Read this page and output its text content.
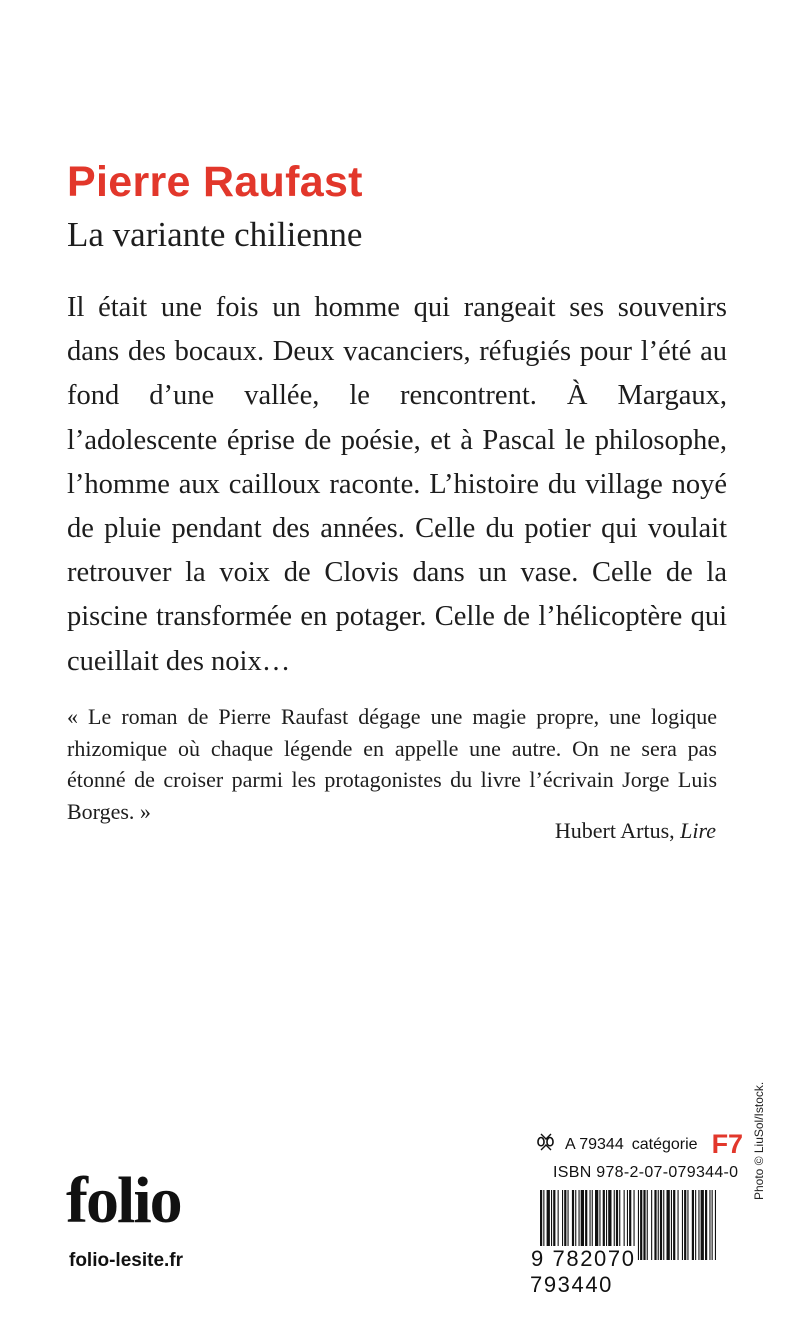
Pierre Raufast
La variante chilienne

Il était une fois un homme qui rangeait ses souvenirs dans des bocaux. Deux vacanciers, réfugiés pour l’été au fond d’une vallée, le rencontrent. À Margaux, l’adolescente éprise de poésie, et à Pascal le philosophe, l’homme aux cailloux raconte. L’histoire du village noyé de pluie pendant des années. Celle du potier qui voulait retrouver la voix de Clovis dans un vase. Celle de la piscine transformée en potager. Celle de l’hélicoptère qui cueillait des noix…

« Le roman de Pierre Raufast dégage une magie propre, une logique rhizomique où chaque légende en appelle une autre. On ne sera pas étonné de croiser parmi les protagonistes du livre l’écrivain Jorge Luis Borges. »

Hubert Artus, Lire
A 79344 catégorie F7
ISBN 978-2-07-079344-0
folio
folio-lesite.fr	9 782070 793440
Photo © LiuSol/Istock.
